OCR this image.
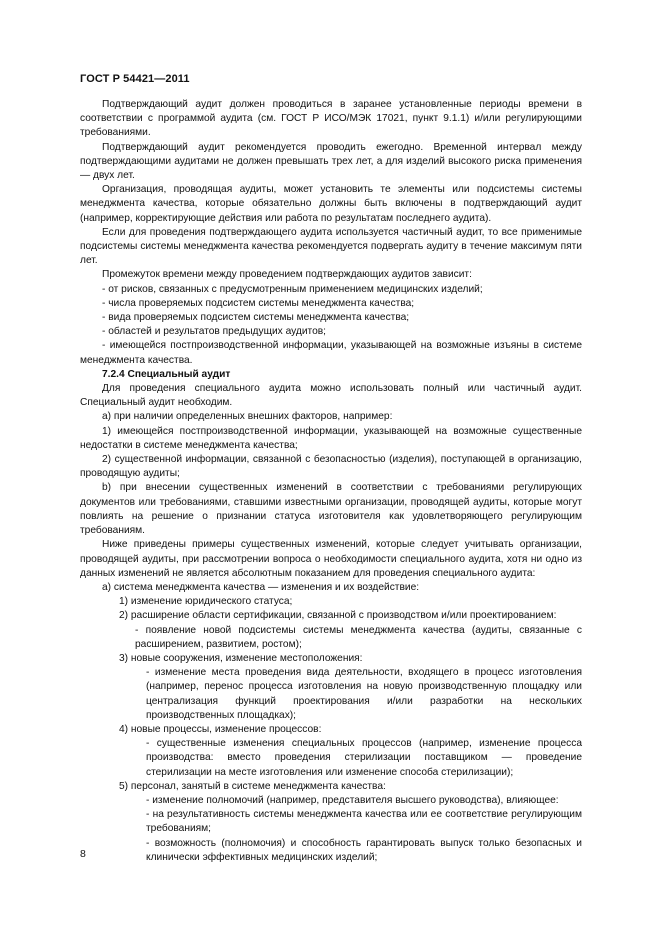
ГОСТ Р 54421—2011

Подтверждающий аудит должен проводиться в заранее установленные периоды времени в соответствии с программой аудита (см. ГОСТ Р ИСО/МЭК 17021, пункт 9.1.1) и/или регулирующими требованиями.

Подтверждающий аудит рекомендуется проводить ежегодно. Временной интервал между подтверждающими аудитами не должен превышать трех лет, а для изделий высокого риска применения — двух лет.

Организация, проводящая аудиты, может установить те элементы или подсистемы системы менеджмента качества, которые обязательно должны быть включены в подтверждающий аудит (например, корректирующие действия или работа по результатам последнего аудита).

Если для проведения подтверждающего аудита используется частичный аудит, то все применимые подсистемы системы менеджмента качества рекомендуется подвергать аудиту в течение максимум пяти лет.

Промежуток времени между проведением подтверждающих аудитов зависит:

- от рисков, связанных с предусмотренным применением медицинских изделий;

- числа проверяемых подсистем системы менеджмента качества;

- вида проверяемых подсистем системы менеджмента качества;

- областей и результатов предыдущих аудитов;

- имеющейся постпроизводственной информации, указывающей на возможные изъяны в системе менеджмента качества.

7.2.4 Специальный аудит

Для проведения специального аудита можно использовать полный или частичный аудит. Специальный аудит необходим.

а) при наличии определенных внешних факторов, например:

1) имеющейся постпроизводственной информации, указывающей на возможные существенные недостатки в системе менеджмента качества;

2) существенной информации, связанной с безопасностью (изделия), поступающей в организацию, проводящую аудиты;

b) при внесении существенных изменений в соответствии с требованиями регулирующих документов или требованиями, ставшими известными организации, проводящей аудиты, которые могут повлиять на решение о признании статуса изготовителя как удовлетворяющего регулирующим требованиям.

Ниже приведены примеры существенных изменений, которые следует учитывать организации, проводящей аудиты, при рассмотрении вопроса о необходимости специального аудита, хотя ни одно из данных изменений не является абсолютным показанием для проведения специального аудита:

а) система менеджмента качества — изменения и их воздействие:

1) изменение юридического статуса;

2) расширение области сертификации, связанной с производством и/или проектированием:

- появление новой подсистемы системы менеджмента качества (аудиты, связанные с расширением, развитием, ростом);

3) новые сооружения, изменение местоположения:

- изменение места проведения вида деятельности, входящего в процесс изготовления (например, перенос процесса изготовления на новую производственную площадку или централизация функций проектирования и/или разработки на нескольких производственных площадках);

4) новые процессы, изменение процессов:

- существенные изменения специальных процессов (например, изменение процесса производства: вместо проведения стерилизации поставщиком — проведение стерилизации на месте изготовления или изменение способа стерилизации);

5) персонал, занятый в системе менеджмента качества:

- изменение полномочий (например, представителя высшего руководства), влияющее:

- на результативность системы менеджмента качества или ее соответствие регулирующим требованиям;

- возможность (полномочия) и способность гарантировать выпуск только безопасных и клинически эффективных медицинских изделий;

8
